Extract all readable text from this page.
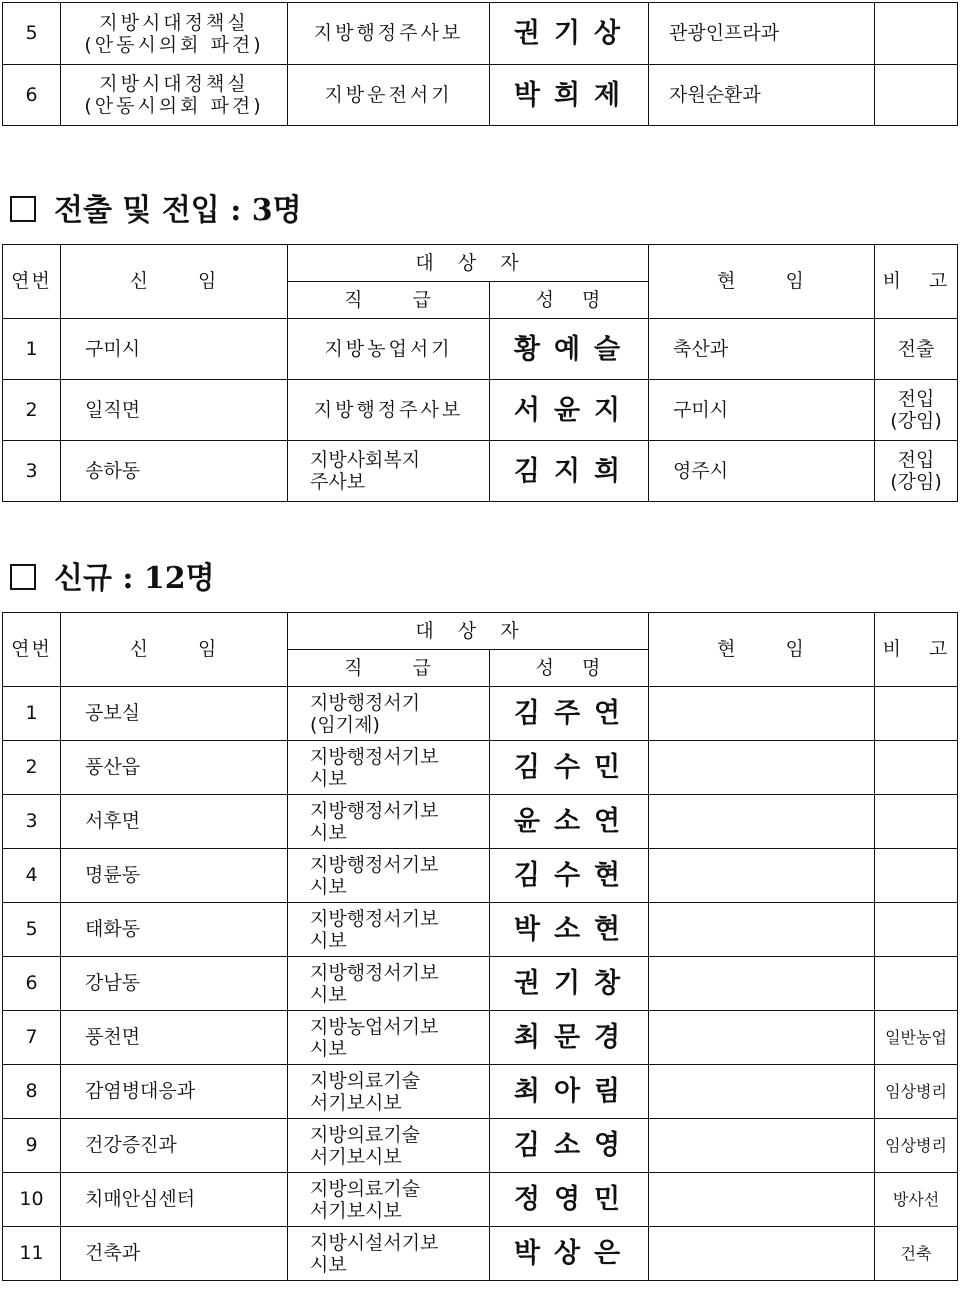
5	지방시대정책실
(안동시의회 파견)	지방행정주사보	권기상	관광인프라과	
6	지방시대정책실
(안동시의회 파견)	지방운전서기	박희제	자원순환과	
전출 및 전입 : 3명
연번	신 임	대 상 자		현 임	비 고
		직 급	성 명		
1	구미시	지방농업서기	황예슬	축산과	전출

2	일직면	지방행정주사보	서윤지	구미시	전입
(강임)

3	송하동	지방사회복지
주사보	김지희	영주시	전입
(강임)
신규 : 12명
연번	신 임	대 상 자		현 임	비 고
		직 급	성 명		
1	공보실	지방행정서기
(임기제)	김주연		
2	풍산읍	지방행정서기보
시보	김수민		
3	서후면	지방행정서기보
시보	윤소연		
4	명륜동	지방행정서기보
시보	김수현		
5	태화동	지방행정서기보
시보	박소현		
6	강남동	지방행정서기보
시보	권기창		
7	풍천면	지방농업서기보
시보	최문경		일반농업
8	감염병대응과	지방의료기술
서기보시보	최아림		임상병리
9	건강증진과	지방의료기술
서기보시보	김소영		임상병리
10	치매안심센터	지방의료기술
서기보시보	정영민		방사선
11	건축과	지방시설서기보
시보	박상은		건축
